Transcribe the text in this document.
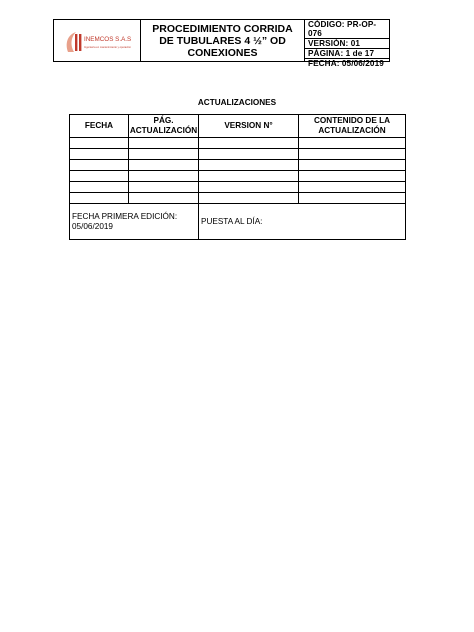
INEMCOS S.A.S
Ingeniería en mantenimiento y operación
PROCEDIMIENTO CORRIDA DE TUBULARES 4 ½” OD CONEXIONES
CÓDIGO: PR-OP-076
VERSIÓN: 01
PÁGINA: 1 de 17
FECHA: 05/06/2019
ACTUALIZACIONES
FECHA	PÁG. ACTUALIZACIÓN	VERSION N°	CONTENIDO DE LA ACTUALIZACIÓN

FECHA PRIMERA EDICIÓN: 05/06/2019		PUESTA AL DÍA:	
